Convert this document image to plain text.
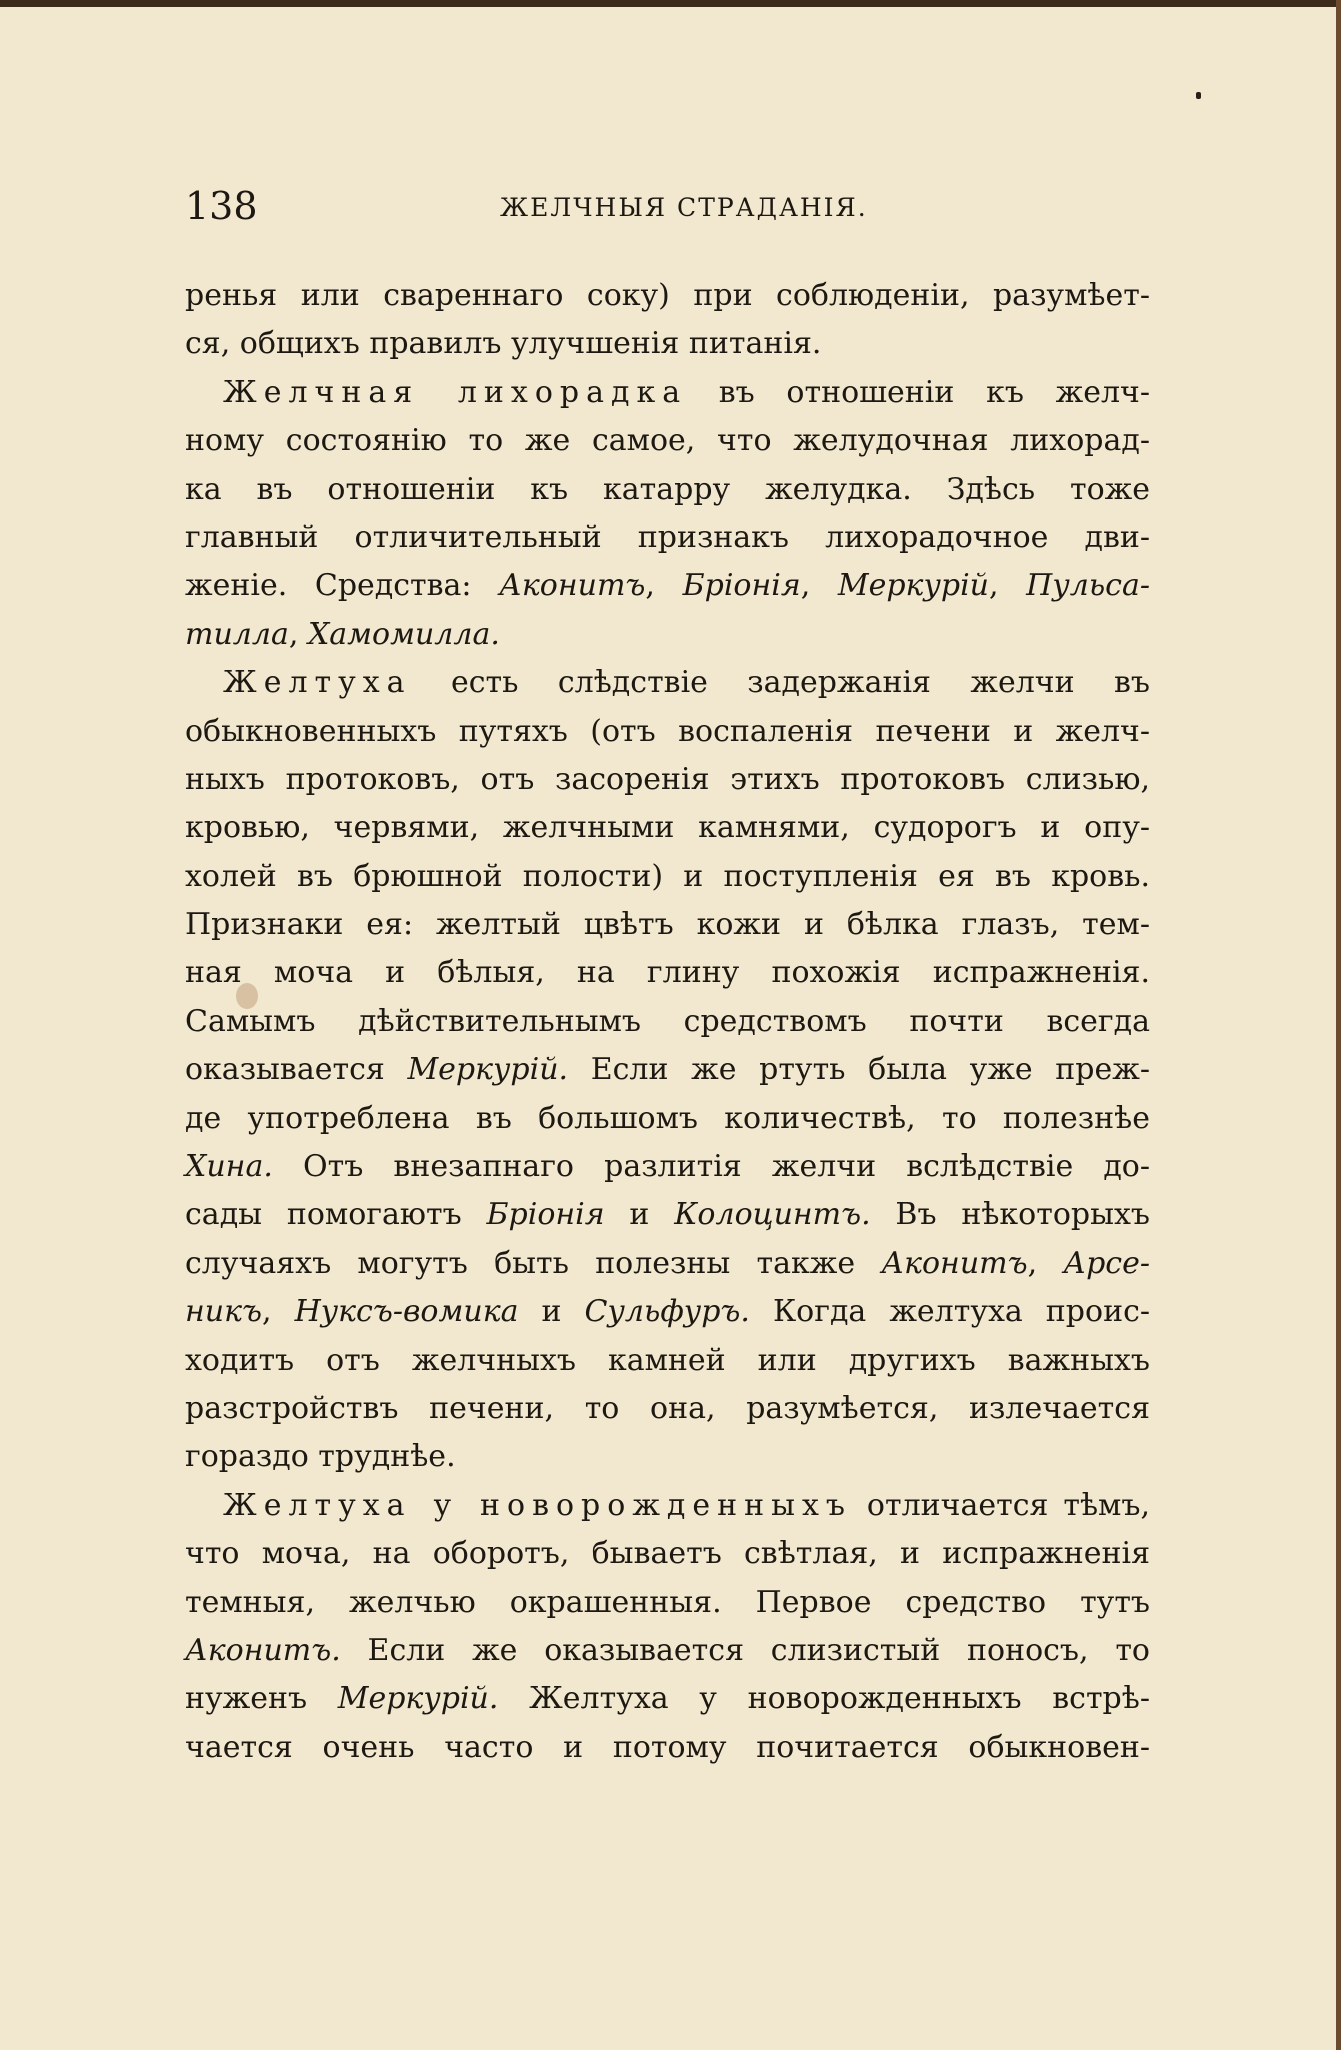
138	ЖЕЛЧНЫЯ СТРАДАНІЯ.
ренья или свареннаго соку) при соблюденіи, разумѣет-
ся, общихъ правилъ улучшенія питанія.
Желчная лихорадка въ отношеніи къ желч-
ному состоянію то же самое, что желудочная лихорад-
ка въ отношеніи къ катарру желудка. Здѣсь тоже
главный отличительный признакъ лихорадочное дви-
женіе. Средства: Аконитъ, Бріонія, Меркурій, Пульса-
тилла, Хамомилла.
Желтуха есть слѣдствіе задержанія желчи въ
обыкновенныхъ путяхъ (отъ воспаленія печени и желч-
ныхъ протоковъ, отъ засоренія этихъ протоковъ слизью,
кровью, червями, желчными камнями, судорогъ и опу-
холей въ брюшной полости) и поступленія ея въ кровь.
Признаки ея: желтый цвѣтъ кожи и бѣлка глазъ, тем-
ная моча и бѣлыя, на глину похожія испражненія.
Самымъ дѣйствительнымъ средствомъ почти всегда
оказывается Меркурій. Если же ртуть была уже преж-
де употреблена въ большомъ количествѣ, то полезнѣе
Хина. Отъ внезапнаго разлитія желчи вслѣдствіе до-
сады помогаютъ Бріонія и Колоцинтъ. Въ нѣкоторыхъ
случаяхъ могутъ быть полезны также Аконитъ, Арсе-
никъ, Нуксъ-вомика и Сульфуръ. Когда желтуха проис-
ходитъ отъ желчныхъ камней или другихъ важныхъ
разстройствъ печени, то она, разумѣется, излечается
гораздо труднѣе.
Желтуха у новорожденныхъ отличается тѣмъ,
что моча, на оборотъ, бываетъ свѣтлая, и испражненія
темныя, желчью окрашенныя. Первое средство тутъ
Аконитъ. Если же оказывается слизистый поносъ, то
нуженъ Меркурій. Желтуха у новорожденныхъ встрѣ-
чается очень часто и потому почитается обыкновен-
